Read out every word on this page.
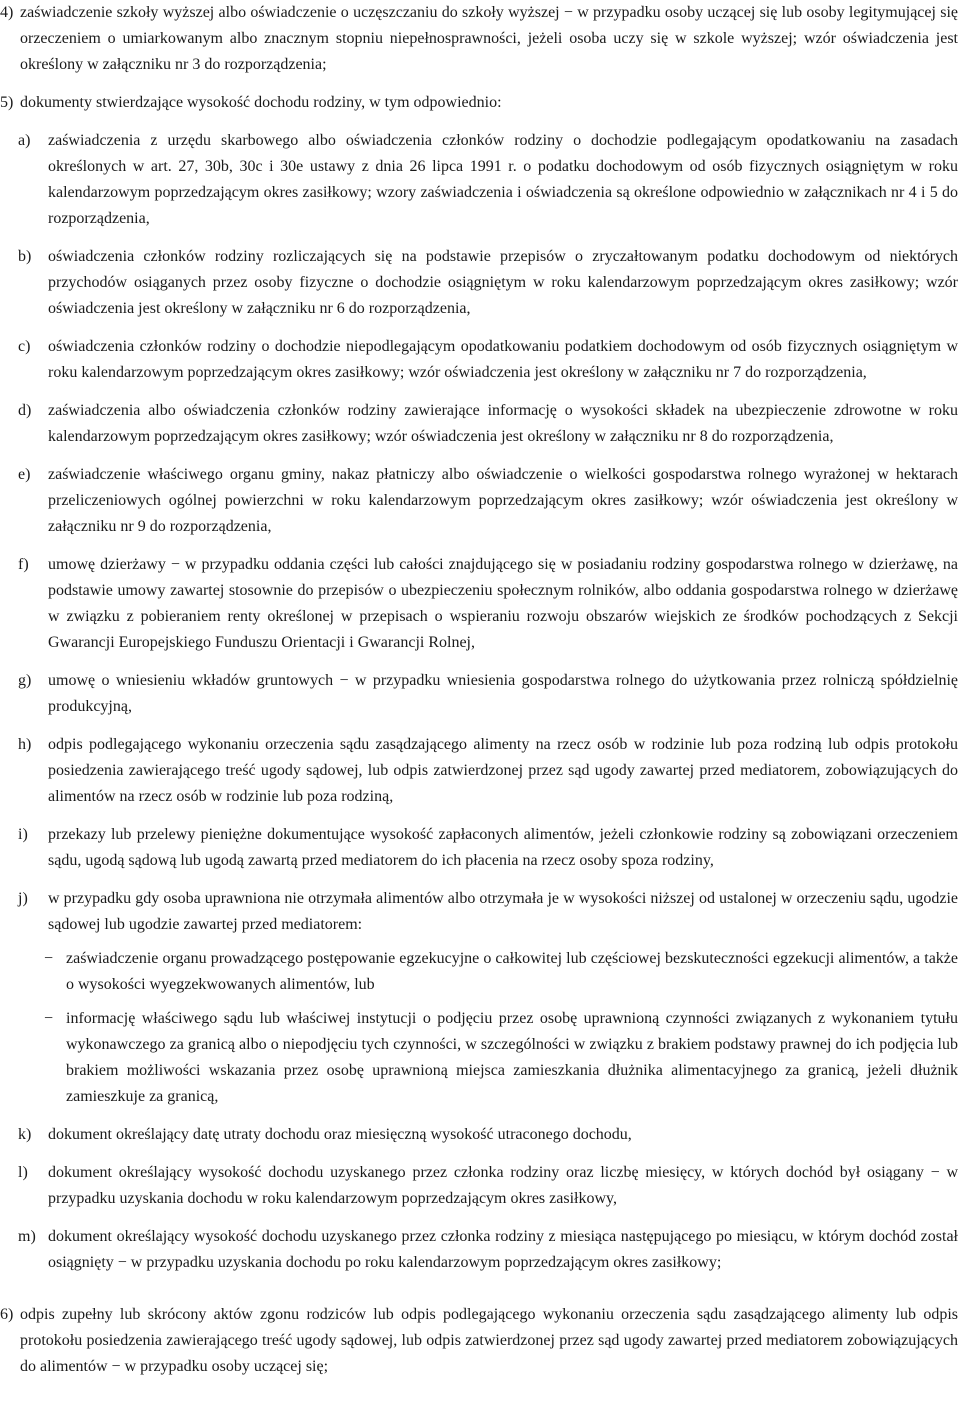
4) zaświadczenie szkoły wyższej albo oświadczenie o uczęszczaniu do szkoły wyższej − w przypadku osoby uczącej się lub osoby legitymującej się orzeczeniem o umiarkowanym albo znacznym stopniu niepełnosprawności, jeżeli osoba uczy się w szkole wyższej; wzór oświadczenia jest określony w załączniku nr 3 do rozporządzenia;
5) dokumenty stwierdzające wysokość dochodu rodziny, w tym odpowiednio:
a)	zaświadczenia z urzędu skarbowego albo oświadczenia członków rodziny o dochodzie podlegającym opodatkowaniu na zasadach określonych w art. 27, 30b, 30c i 30e ustawy z dnia 26 lipca 1991 r. o podatku dochodowym od osób fizycznych osiągniętym w roku kalendarzowym poprzedzającym okres zasiłkowy; wzory zaświadczenia i oświadczenia są określone odpowiednio w załącznikach nr 4 i 5 do rozporządzenia,
b)	oświadczenia członków rodziny rozliczających się na podstawie przepisów o zryczałtowanym podatku dochodowym od niektórych przychodów osiąganych przez osoby fizyczne o dochodzie osiągniętym w roku kalendarzowym poprzedzającym okres zasiłkowy; wzór oświadczenia jest określony w załączniku nr 6 do rozporządzenia,
c)	oświadczenia członków rodziny o dochodzie niepodlegającym opodatkowaniu podatkiem dochodowym od osób fizycznych osiągniętym w roku kalendarzowym poprzedzającym okres zasiłkowy; wzór oświadczenia jest określony w załączniku nr 7 do rozporządzenia,
d)	zaświadczenia albo oświadczenia członków rodziny zawierające informację o wysokości składek na ubezpieczenie zdrowotne w roku kalendarzowym poprzedzającym okres zasiłkowy; wzór oświadczenia jest określony w załączniku nr 8 do rozporządzenia,
e)	zaświadczenie właściwego organu gminy, nakaz płatniczy albo oświadczenie o wielkości gospodarstwa rolnego wyrażonej w hektarach przeliczeniowych ogólnej powierzchni w roku kalendarzowym poprzedzającym okres zasiłkowy; wzór oświadczenia jest określony w załączniku nr 9 do rozporządzenia,
f)	umowę dzierżawy − w przypadku oddania części lub całości znajdującego się w posiadaniu rodziny gospodarstwa rolnego w dzierżawę, na podstawie umowy zawartej stosownie do przepisów o ubezpieczeniu społecznym rolników, albo oddania gospodarstwa rolnego w dzierżawę w związku z pobieraniem renty określonej w przepisach o wspieraniu rozwoju obszarów wiejskich ze środków pochodzących z Sekcji Gwarancji Europejskiego Funduszu Orientacji i Gwarancji Rolnej,
g)	umowę o wniesieniu wkładów gruntowych − w przypadku wniesienia gospodarstwa rolnego do użytkowania przez rolniczą spółdzielnię produkcyjną,
h)	odpis podlegającego wykonaniu orzeczenia sądu zasądzającego alimenty na rzecz osób w rodzinie lub poza rodziną lub odpis protokołu posiedzenia zawierającego treść ugody sądowej, lub odpis zatwierdzonej przez sąd ugody zawartej przed mediatorem, zobowiązujących do alimentów na rzecz osób w rodzinie lub poza rodziną,
i)	przekazy lub przelewy pieniężne dokumentujące wysokość zapłaconych alimentów, jeżeli członkowie rodziny są zobowiązani orzeczeniem sądu, ugodą sądową lub ugodą zawartą przed mediatorem do ich płacenia na rzecz osoby spoza rodziny,
j)	w przypadku gdy osoba uprawniona nie otrzymała alimentów albo otrzymała je w wysokości niższej od ustalonej w orzeczeniu sądu, ugodzie sądowej lub ugodzie zawartej przed mediatorem:
− zaświadczenie organu prowadzącego postępowanie egzekucyjne o całkowitej lub częściowej bezskuteczności egzekucji alimentów, a także o wysokości wyegzekwowanych alimentów, lub
− informację właściwego sądu lub właściwej instytucji o podjęciu przez osobę uprawnioną czynności związanych z wykonaniem tytułu wykonawczego za granicą albo o niepodjęciu tych czynności, w szczególności w związku z brakiem podstawy prawnej do ich podjęcia lub brakiem możliwości wskazania przez osobę uprawnioną miejsca zamieszkania dłużnika alimentacyjnego za granicą, jeżeli dłużnik zamieszkuje za granicą,
k)	dokument określający datę utraty dochodu oraz miesięczną wysokość utraconego dochodu,
l)	dokument określający wysokość dochodu uzyskanego przez członka rodziny oraz liczbę miesięcy, w których dochód był osiągany − w przypadku uzyskania dochodu w roku kalendarzowym poprzedzającym okres zasiłkowy,
m) dokument określający wysokość dochodu uzyskanego przez członka rodziny z miesiąca następującego po miesiącu, w którym dochód został osiągnięty − w przypadku uzyskania dochodu po roku kalendarzowym poprzedzającym okres zasiłkowy;
6) odpis zupełny lub skrócony aktów zgonu rodziców lub odpis podlegającego wykonaniu orzeczenia sądu zasądzającego alimenty lub odpis protokołu posiedzenia zawierającego treść ugody sądowej, lub odpis zatwierdzonej przez sąd ugody zawartej przed mediatorem zobowiązujących do alimentów − w przypadku osoby uczącej się;
